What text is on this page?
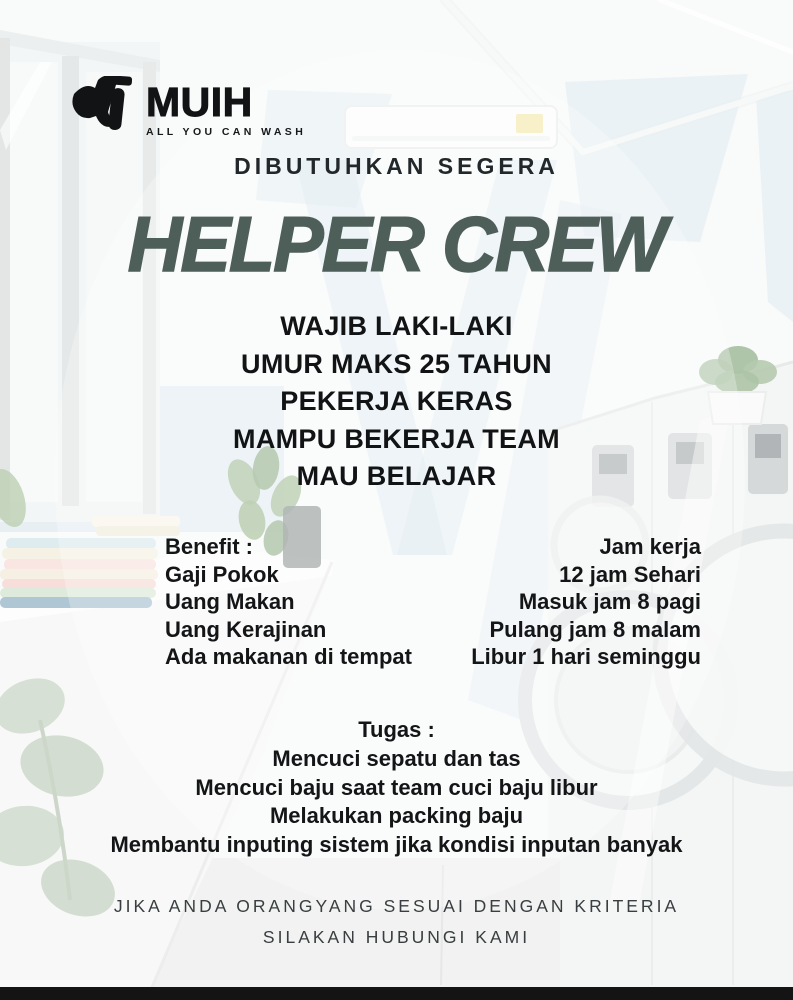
MUIH
ALL YOU CAN WASH
DIBUTUHKAN SEGERA
HELPER CREW
WAJIB LAKI-LAKI
UMUR MAKS 25 TAHUN
PEKERJA KERAS
MAMPU BEKERJA TEAM
MAU BELAJAR
Benefit :
Gaji Pokok
Uang Makan
Uang Kerajinan
Ada makanan di tempat
Jam kerja
12 jam Sehari
Masuk jam 8 pagi
Pulang jam 8 malam
Libur 1 hari seminggu
Tugas :
Mencuci sepatu dan tas
Mencuci baju saat team cuci baju libur
Melakukan packing baju
Membantu inputing sistem jika kondisi inputan banyak
JIKA ANDA ORANGYANG SESUAI DENGAN KRITERIA
SILAKAN HUBUNGI KAMI
